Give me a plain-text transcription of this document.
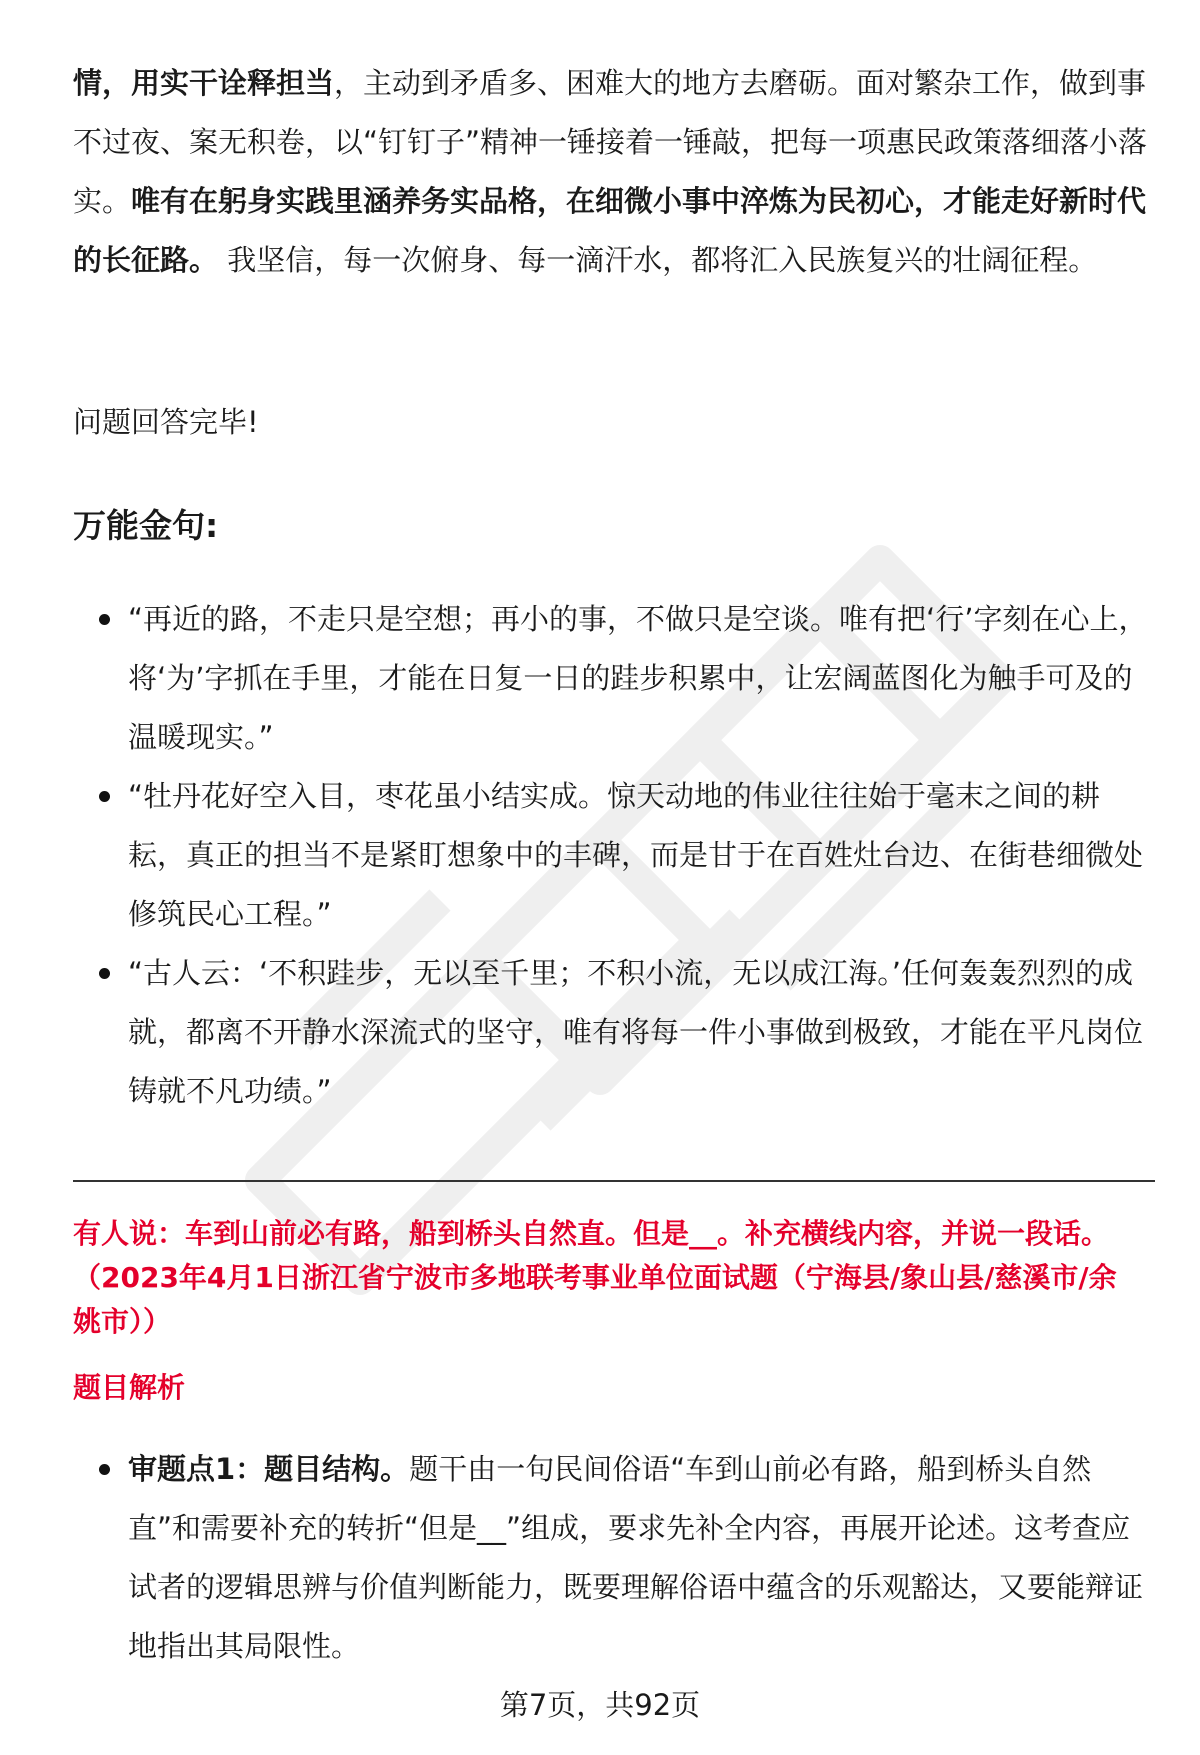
情，用实干诠释担当，主动到矛盾多、困难大的地方去磨砺。面对繁杂工作，做到事不过夜、案无积卷，以“钉钉子”精神一锤接着一锤敲，把每一项惠民政策落细落小落实。唯有在躬身实践里涵养务实品格，在细微小事中淬炼为民初心，才能走好新时代的长征路。 我坚信，每一次俯身、每一滴汗水，都将汇入民族复兴的壮阔征程。

问题回答完毕!

万能金句:

“再近的路，不走只是空想；再小的事，不做只是空谈。唯有把‘行’字刻在心上，将‘为’字抓在手里，才能在日复一日的跬步积累中，让宏阔蓝图化为触手可及的温暖现实。”
“牡丹花好空入目，枣花虽小结实成。惊天动地的伟业往往始于毫末之间的耕耘，真正的担当不是紧盯想象中的丰碑，而是甘于在百姓灶台边、在街巷细微处修筑民心工程。”
“古人云：‘不积跬步，无以至千里；不积小流，无以成江海。’任何轰轰烈烈的成就，都离不开静水深流式的坚守，唯有将每一件小事做到极致，才能在平凡岗位铸就不凡功绩。”

有人说：车到山前必有路，船到桥头自然直。但是__。补充横线内容，并说一段话。（2023年4月1日浙江省宁波市多地联考事业单位面试题（宁海县/象山县/慈溪市/余姚市））

题目解析

审题点1：题目结构。题干由一句民间俗语“车到山前必有路，船到桥头自然直”和需要补充的转折“但是__”组成，要求先补全内容，再展开论述。这考查应试者的逻辑思辨与价值判断能力，既要理解俗语中蕴含的乐观豁达，又要能辩证地指出其局限性。

第7页，共92页
